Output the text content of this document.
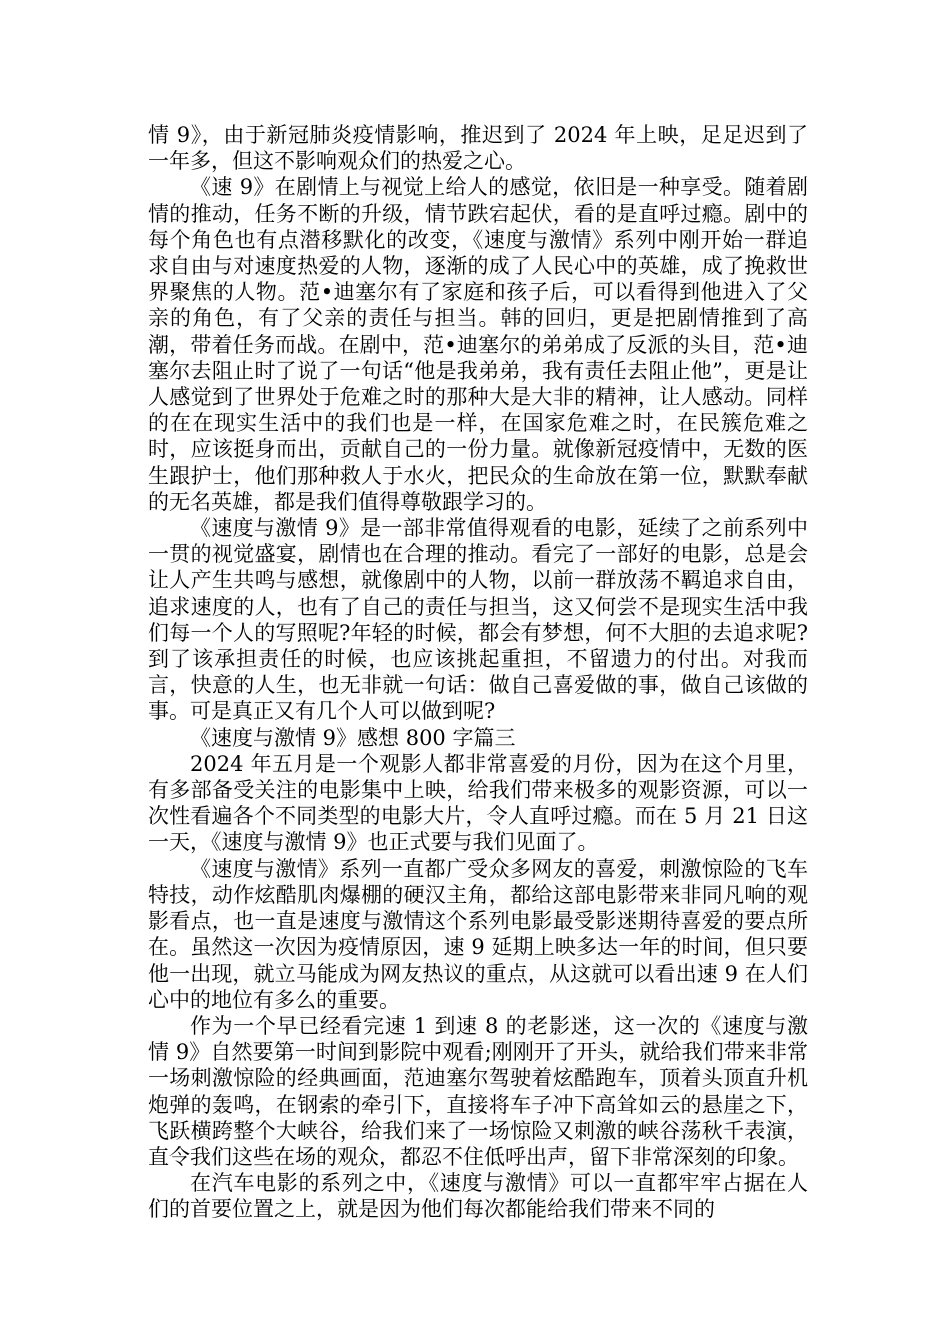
情 9》，由于新冠肺炎疫情影响，推迟到了 2024 年上映，足足迟到了一年多，但这不影响观众们的热爱之心。

《速 9》在剧情上与视觉上给人的感觉，依旧是一种享受。随着剧情的推动，任务不断的升级，情节跌宕起伏，看的是直呼过瘾。剧中的每个角色也有点潜移默化的改变，《速度与激情》系列中刚开始一群追求自由与对速度热爱的人物，逐渐的成了人民心中的英雄，成了挽救世界聚焦的人物。范•迪塞尔有了家庭和孩子后，可以看得到他进入了父亲的角色，有了父亲的责任与担当。韩的回归，更是把剧情推到了高潮，带着任务而战。在剧中，范•迪塞尔的弟弟成了反派的头目，范•迪塞尔去阻止时了说了一句话“他是我弟弟，我有责任去阻止他”，更是让人感觉到了世界处于危难之时的那种大是大非的精神，让人感动。同样的在在现实生活中的我们也是一样，在国家危难之时，在民簇危难之时，应该挺身而出，贡献自己的一份力量。就像新冠疫情中，无数的医生跟护士，他们那种救人于水火，把民众的生命放在第一位，默默奉献的无名英雄，都是我们值得尊敬跟学习的。

《速度与激情 9》是一部非常值得观看的电影，延续了之前系列中一贯的视觉盛宴，剧情也在合理的推动。看完了一部好的电影，总是会让人产生共鸣与感想，就像剧中的人物，以前一群放荡不羁追求自由，追求速度的人，也有了自己的责任与担当，这又何尝不是现实生活中我们每一个人的写照呢?年轻的时候，都会有梦想，何不大胆的去追求呢?到了该承担责任的时候，也应该挑起重担，不留遗力的付出。对我而言，快意的人生，也无非就一句话：做自己喜爱做的事，做自己该做的事。可是真正又有几个人可以做到呢?

《速度与激情 9》感想 800 字篇三

2024 年五月是一个观影人都非常喜爱的月份，因为在这个月里，有多部备受关注的电影集中上映，给我们带来极多的观影资源，可以一次性看遍各个不同类型的电影大片，令人直呼过瘾。而在 5 月 21 日这一天，《速度与激情 9》也正式要与我们见面了。

《速度与激情》系列一直都广受众多网友的喜爱，刺激惊险的飞车特技，动作炫酷肌肉爆棚的硬汉主角，都给这部电影带来非同凡响的观影看点，也一直是速度与激情这个系列电影最受影迷期待喜爱的要点所在。虽然这一次因为疫情原因，速 9 延期上映多达一年的时间，但只要他一出现，就立马能成为网友热议的重点，从这就可以看出速 9 在人们心中的地位有多么的重要。

作为一个早已经看完速 1 到速 8 的老影迷，这一次的《速度与激情 9》自然要第一时间到影院中观看;刚刚开了开头，就给我们带来非常一场刺激惊险的经典画面，范迪塞尔驾驶着炫酷跑车，顶着头顶直升机炮弹的轰鸣，在钢索的牵引下，直接将车子冲下高耸如云的悬崖之下，飞跃横跨整个大峡谷，给我们来了一场惊险又刺激的峡谷荡秋千表演，直令我们这些在场的观众，都忍不住低呼出声，留下非常深刻的印象。

在汽车电影的系列之中，《速度与激情》可以一直都牢牢占据在人们的首要位置之上，就是因为他们每次都能给我们带来不同的
